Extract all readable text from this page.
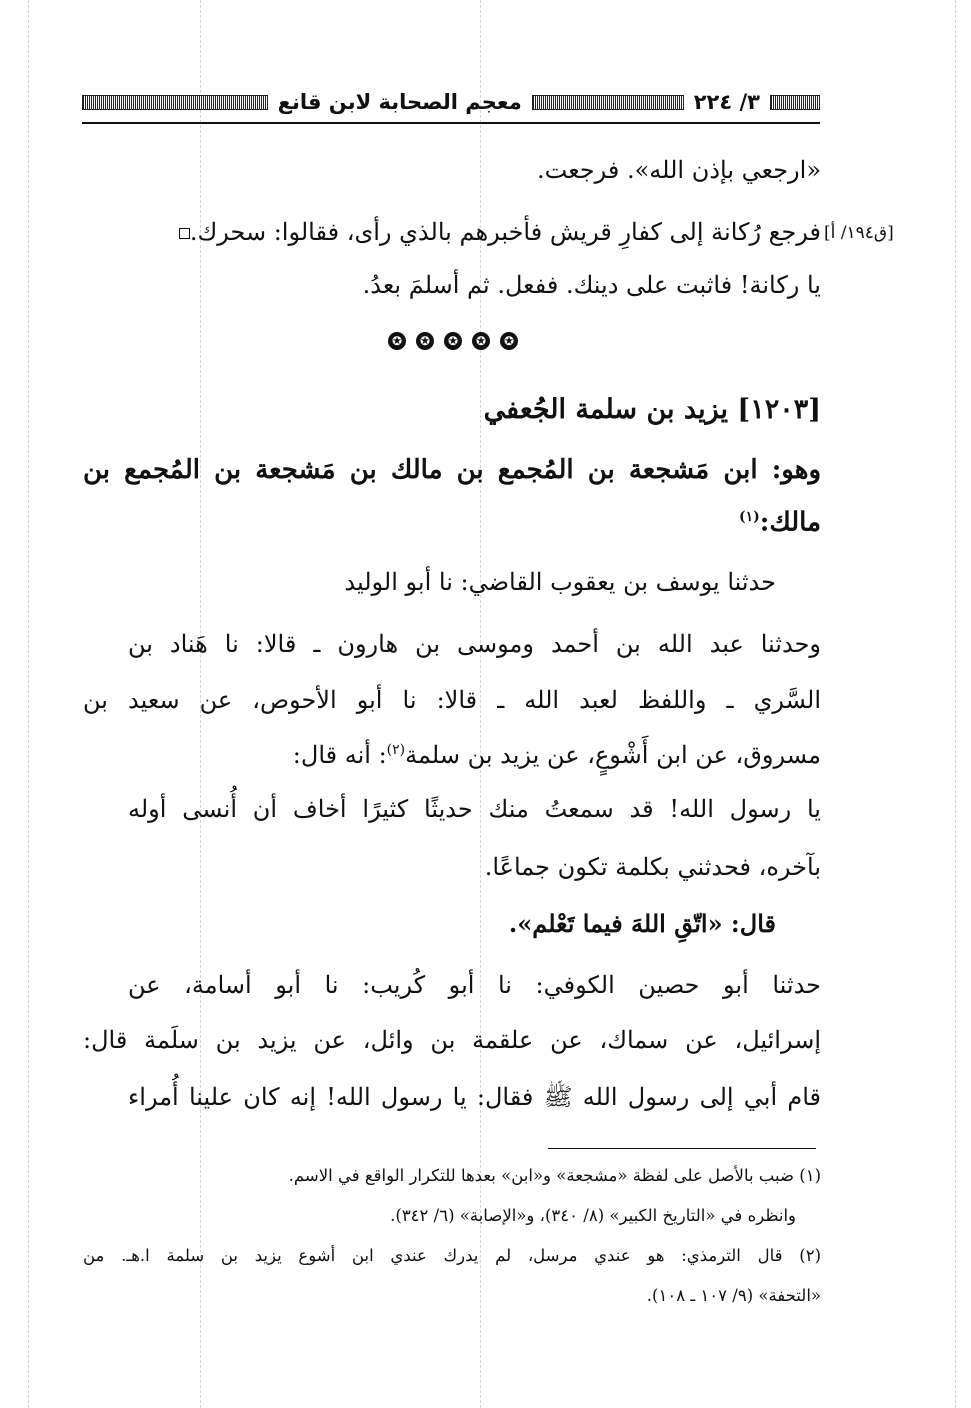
٣/ ٢٢٤
معجم الصحابة لابن قانع
«ارجعي بإذن الله». فرجعت.
[ق١٩٤/ أ]
فرجع رُكانة إلى كفارِ قريش فأخبرهم بالذي رأى، فقالوا: سحرك.
يا ركانة! فاثبت على دينك. ففعل. ثم أسلمَ بعدُ.
✪	✪	✪	✪	✪
[١٢٠٣] يزيد بن سلمة الجُعفي
وهو: ابن مَشجعة بن المُجمع بن مالك بن مَشجعة بن المُجمع بن
مالك:$^{(١)}$
حدثنا يوسف بن يعقوب القاضي: نا أبو الوليد
وحدثنا عبد الله بن أحمد وموسى بن هارون ـ قالا: نا هَناد بن
السَّري ـ واللفظ لعبد الله ـ قالا: نا أبو الأحوص، عن سعيد بن
مسروق، عن ابن أَشْوعٍ، عن يزيد بن سلمة$^{(٢)}$: أنه قال:
يا رسول الله! قد سمعتُ منك حديثًا كثيرًا أخاف أن أُنسى أوله
بآخره، فحدثني بكلمة تكون جماعًا.
قال: «اتّقِ اللهَ فيما تَعْلم».
حدثنا أبو حصين الكوفي: نا أبو كُريب: نا أبو أسامة، عن
إسرائيل، عن سماك، عن علقمة بن وائل، عن يزيد بن سلَمة قال:
قام أبي إلى رسول الله ﷺ فقال: يا رسول الله! إنه كان علينا أُمراء
(١) ضبب بالأصل على لفظة «مشجعة» و«ابن» بعدها للتكرار الواقع في الاسم.
وانظره في «التاريخ الكبير» (٨/ ٣٤٠)، و«الإصابة» (٦/ ٣٤٢).
(٢) قال الترمذي: هو عندي مرسل، لم يدرك عندي ابن أشوع يزيد بن سلمة ا.هـ. من
«التحفة» (٩/ ١٠٧ ـ ١٠٨).
